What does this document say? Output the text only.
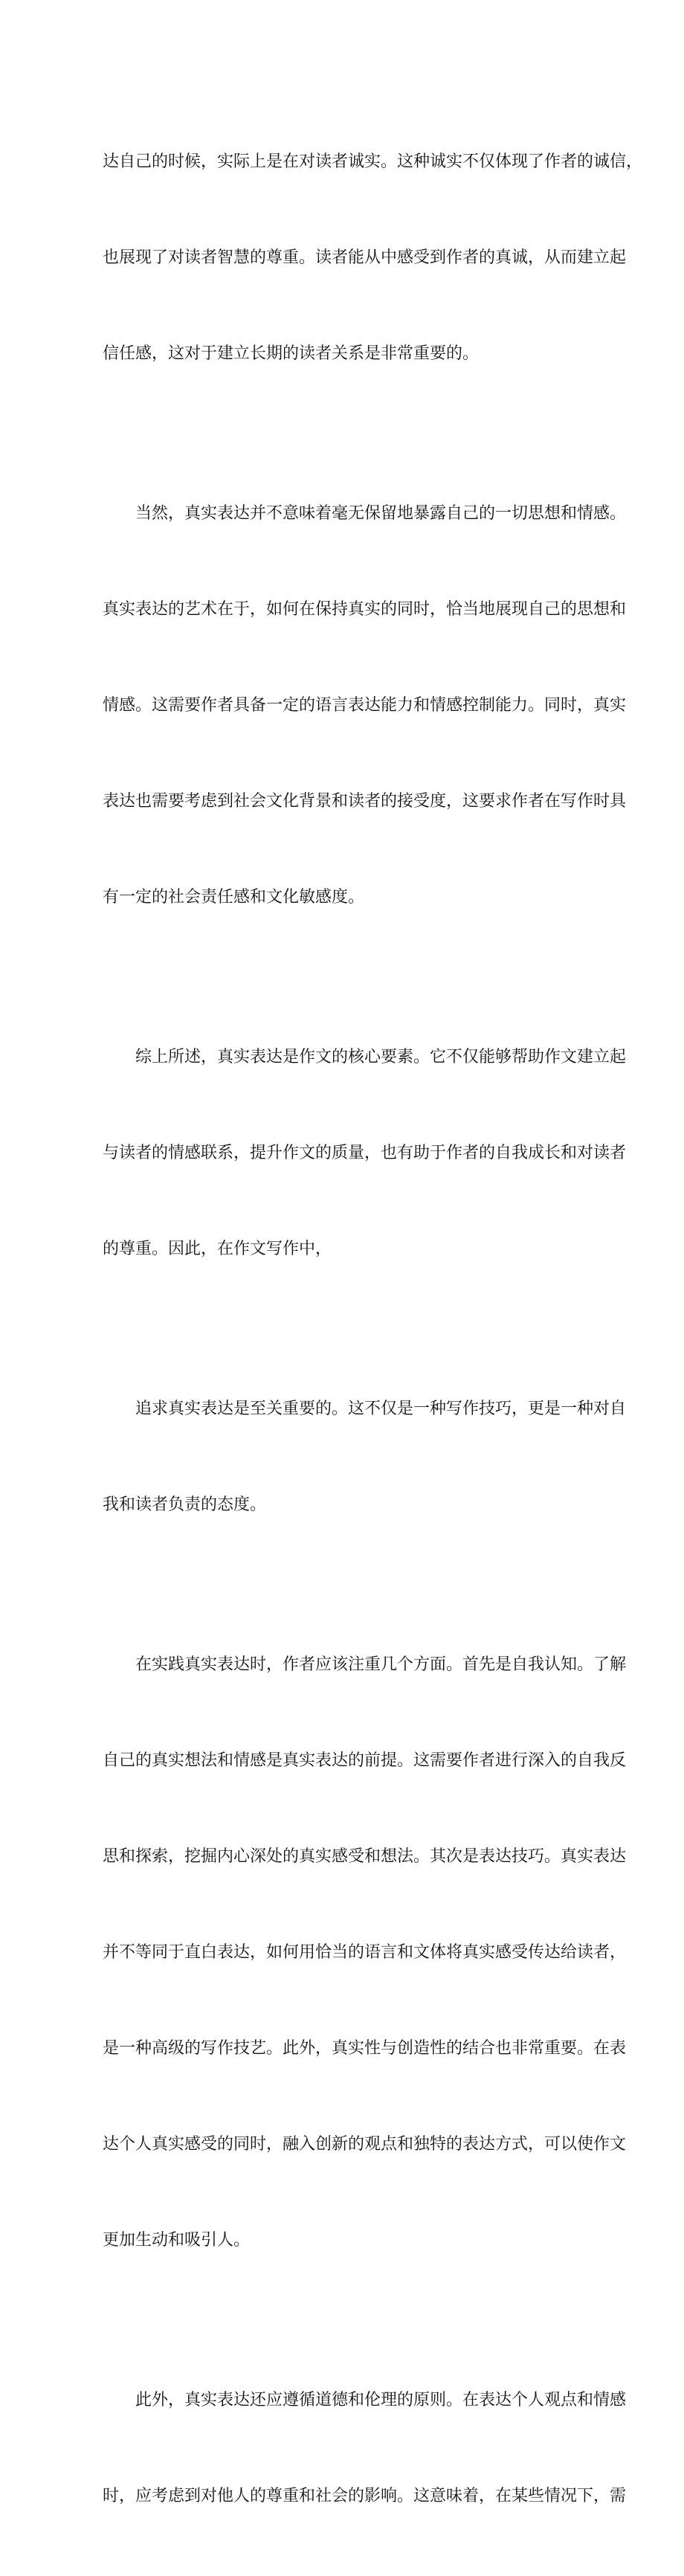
达自己的时候，实际上是在对读者诚实。这种诚实不仅体现了作者的诚信，

也展现了对读者智慧的尊重。读者能从中感受到作者的真诚，从而建立起

信任感，这对于建立长期的读者关系是非常重要的。

　　当然，真实表达并不意味着毫无保留地暴露自己的一切思想和情感。

真实表达的艺术在于，如何在保持真实的同时，恰当地展现自己的思想和

情感。这需要作者具备一定的语言表达能力和情感控制能力。同时，真实

表达也需要考虑到社会文化背景和读者的接受度，这要求作者在写作时具

有一定的社会责任感和文化敏感度。

　　综上所述，真实表达是作文的核心要素。它不仅能够帮助作文建立起

与读者的情感联系，提升作文的质量，也有助于作者的自我成长和对读者

的尊重。因此，在作文写作中，

　　追求真实表达是至关重要的。这不仅是一种写作技巧，更是一种对自

我和读者负责的态度。

　　在实践真实表达时，作者应该注重几个方面。首先是自我认知。了解

自己的真实想法和情感是真实表达的前提。这需要作者进行深入的自我反

思和探索，挖掘内心深处的真实感受和想法。其次是表达技巧。真实表达

并不等同于直白表达，如何用恰当的语言和文体将真实感受传达给读者，

是一种高级的写作技艺。此外，真实性与创造性的结合也非常重要。在表

达个人真实感受的同时，融入创新的观点和独特的表达方式，可以使作文

更加生动和吸引人。

　　此外，真实表达还应遵循道德和伦理的原则。在表达个人观点和情感

时，应考虑到对他人的尊重和社会的影响。这意味着，在某些情况下，需
